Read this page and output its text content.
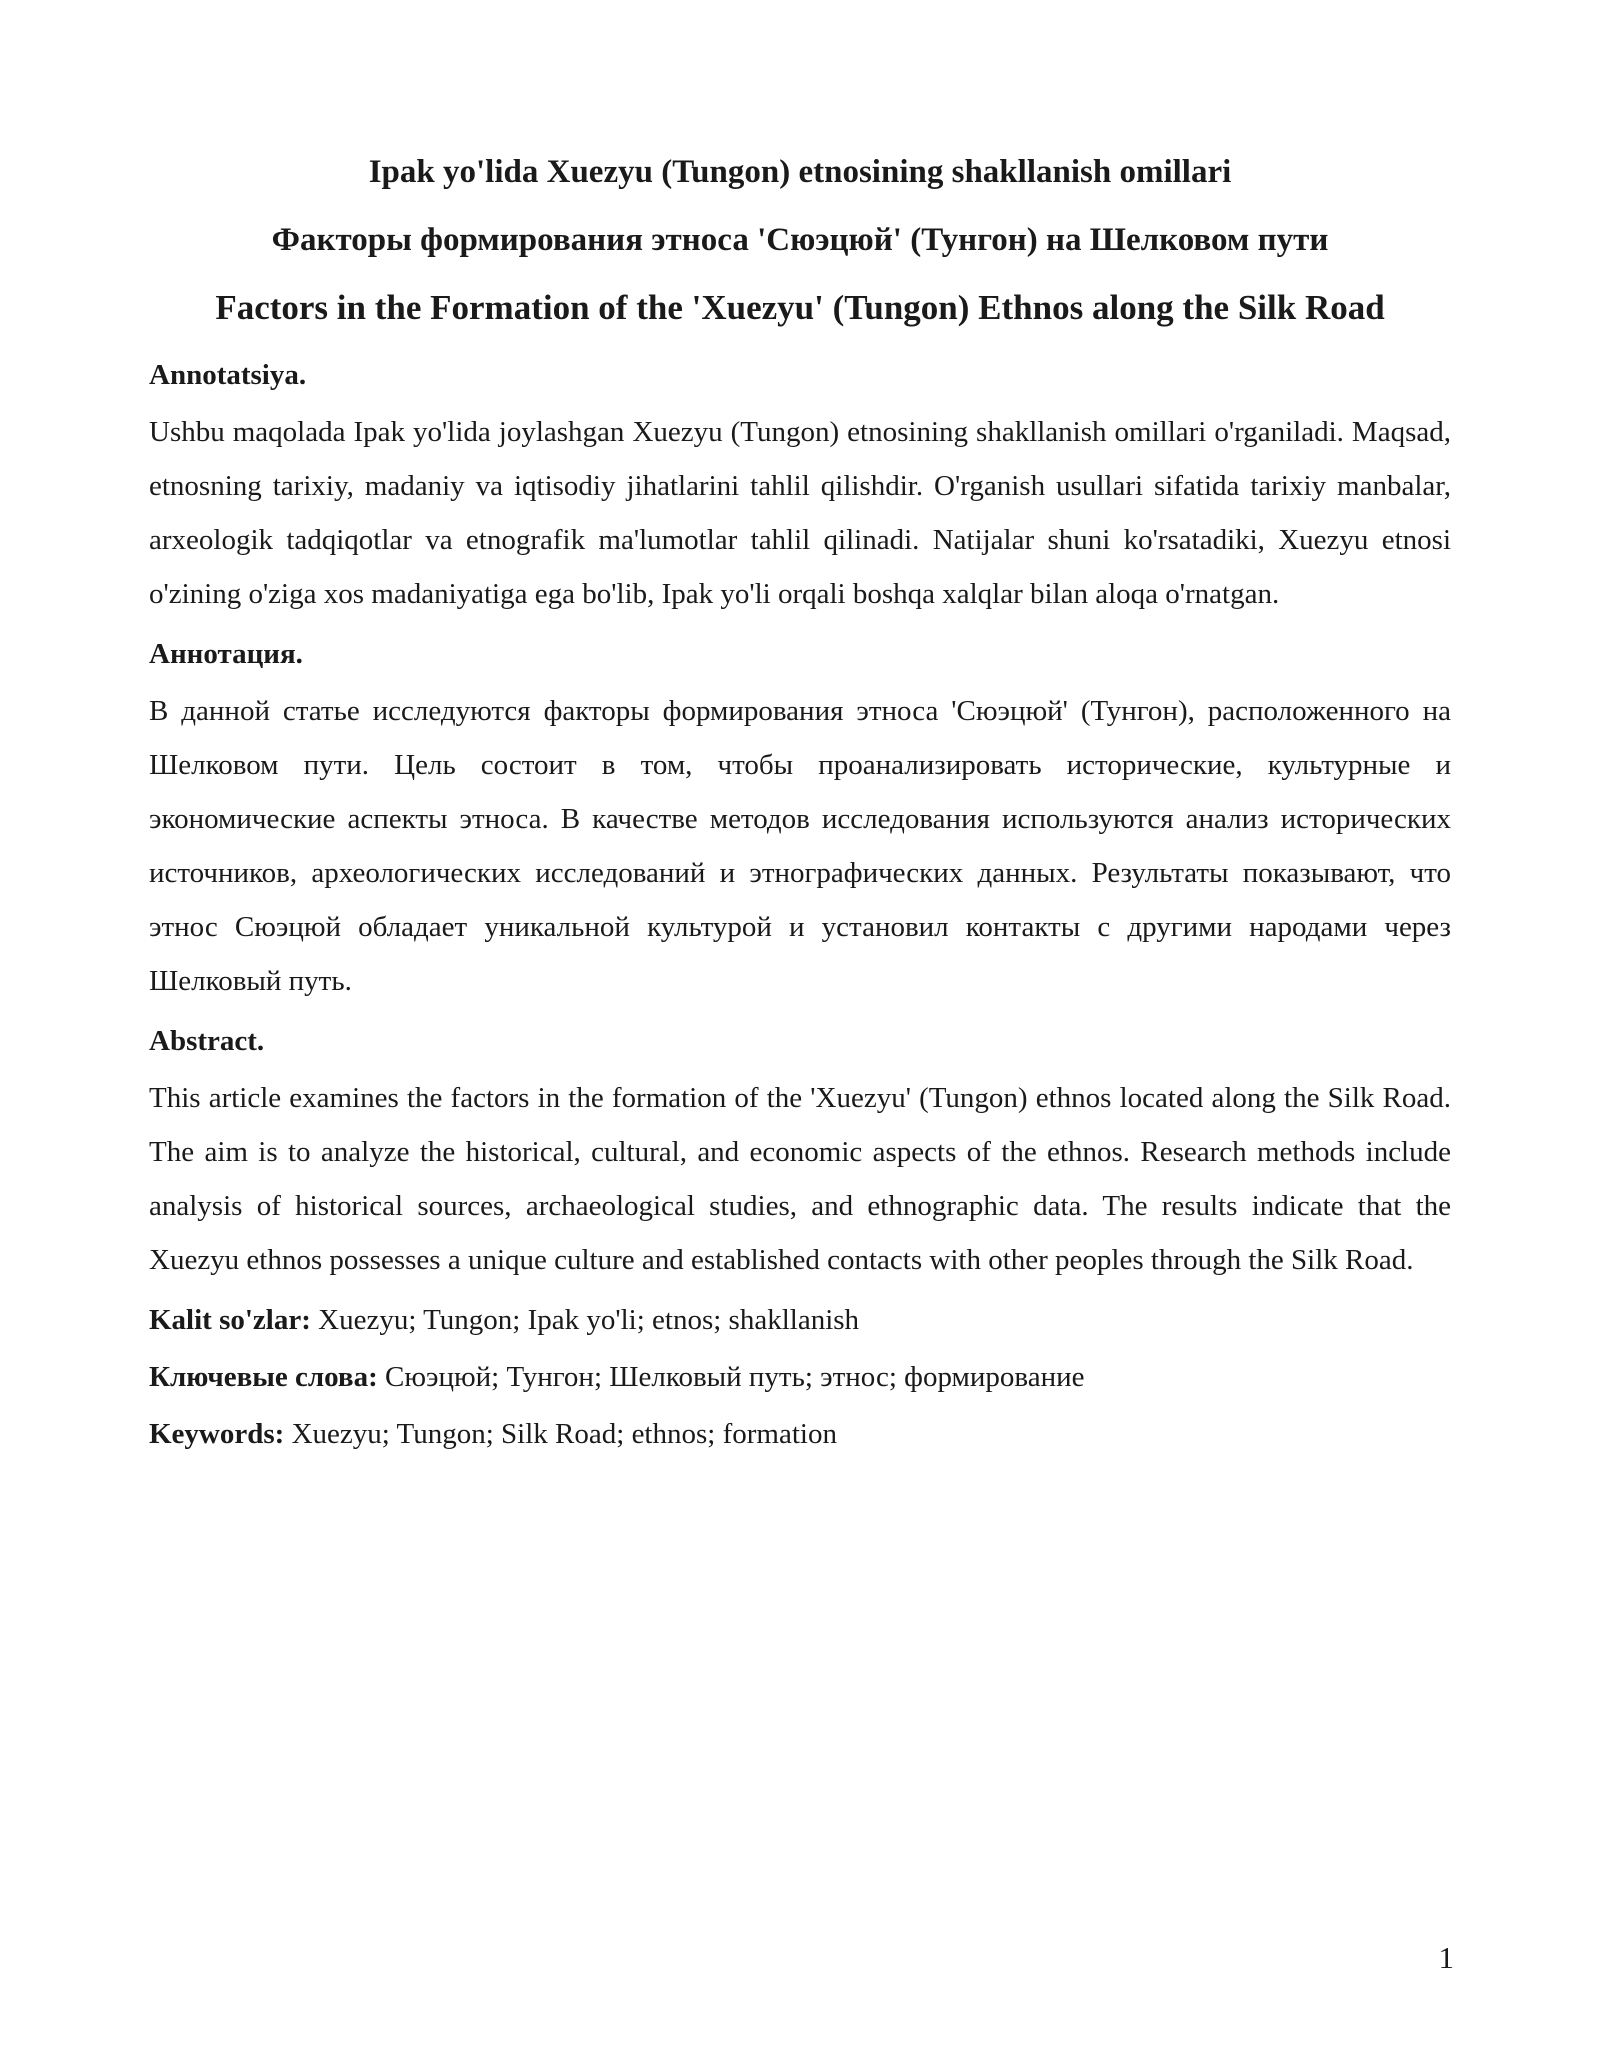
Ipak yo'lida Xuezyu (Tungon) etnosining shakllanish omillari
Факторы формирования этноса 'Сюэцюй' (Тунгон) на Шелковом пути
Factors in the Formation of the 'Xuezyu' (Tungon) Ethnos along the Silk Road
Annotatsiya.

Ushbu maqolada Ipak yo'lida joylashgan Xuezyu (Tungon) etnosining shakllanish omillari o'rganiladi. Maqsad, etnosning tarixiy, madaniy va iqtisodiy jihatlarini tahlil qilishdir. O'rganish usullari sifatida tarixiy manbalar, arxeologik tadqiqotlar va etnografik ma'lumotlar tahlil qilinadi. Natijalar shuni ko'rsatadiki, Xuezyu etnosi o'zining o'ziga xos madaniyatiga ega bo'lib, Ipak yo'li orqali boshqa xalqlar bilan aloqa o'rnatgan.

Аннотация.

В данной статье исследуются факторы формирования этноса 'Сюэцюй' (Тунгон), расположенного на Шелковом пути. Цель состоит в том, чтобы проанализировать исторические, культурные и экономические аспекты этноса. В качестве методов исследования используются анализ исторических источников, археологических исследований и этнографических данных. Результаты показывают, что этнос Сюэцюй обладает уникальной культурой и установил контакты с другими народами через Шелковый путь.

Abstract.

This article examines the factors in the formation of the 'Xuezyu' (Tungon) ethnos located along the Silk Road. The aim is to analyze the historical, cultural, and economic aspects of the ethnos. Research methods include analysis of historical sources, archaeological studies, and ethnographic data. The results indicate that the Xuezyu ethnos possesses a unique culture and established contacts with other peoples through the Silk Road.

Kalit so'zlar: Xuezyu; Tungon; Ipak yo'li; etnos; shakllanish
Ключевые слова: Сюэцюй; Тунгон; Шелковый путь; этнос; формирование
Keywords: Xuezyu; Tungon; Silk Road; ethnos; formation
1
